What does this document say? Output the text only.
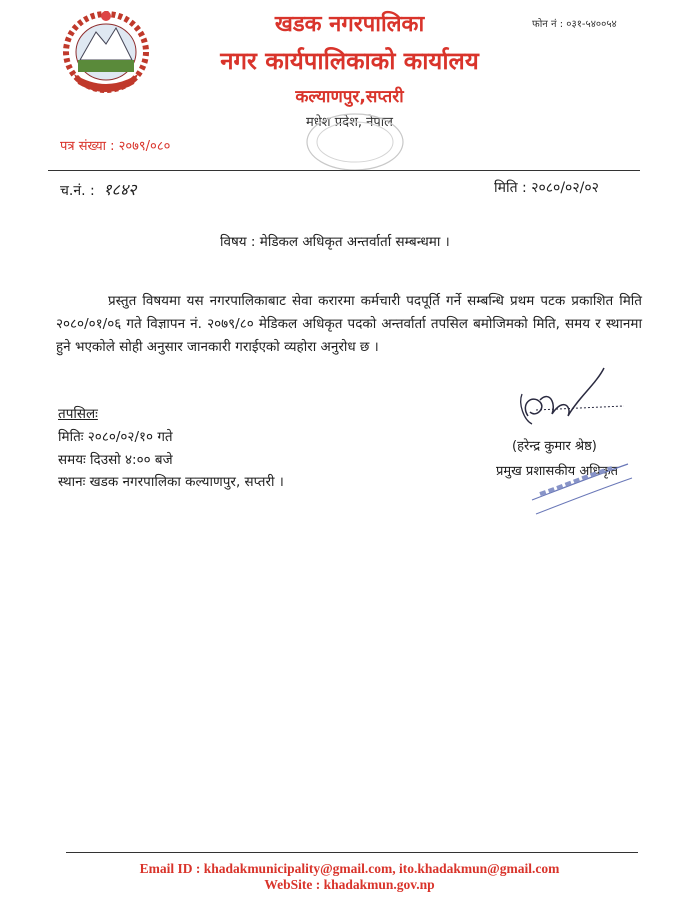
खडक नगरपालिका
नगर कार्यपालिकाको कार्यालय
कल्याणपुर,सप्तरी
मधेश प्रदेश, नेपाल
फोन नं : ०३१-५४००५४
पत्र संख्या : २०७९/०८०
च.नं. : १८४२	मिति : २०८०/०२/०२
विषय : मेडिकल अधिकृत अन्तर्वार्ता सम्बन्धमा ।
प्रस्तुत विषयमा यस नगरपालिकाबाट सेवा करारमा कर्मचारी पदपूर्ति गर्ने सम्बन्धि प्रथम पटक प्रकाशित मिति २०८०/०१/०६ गते विज्ञापन नं. २०७९/८० मेडिकल अधिकृत पदको अन्तर्वार्ता तपसिल बमोजिमको मिति, समय र स्थानमा हुने भएकोले सोही अनुसार जानकारी गराईएको व्यहोरा अनुरोध छ ।
तपसिलः
मितिः २०८०/०२/१० गते
समयः दिउसो ४:०० बजे
स्थानः खडक नगरपालिका कल्याणपुर, सप्तरी ।
(हरेन्द्र कुमार श्रेष्ठ)
प्रमुख प्रशासकीय अधिकृत
Email ID : khadakmunicipality@gmail.com, ito.khadakmun@gmail.com
WebSite : khadakmun.gov.np
